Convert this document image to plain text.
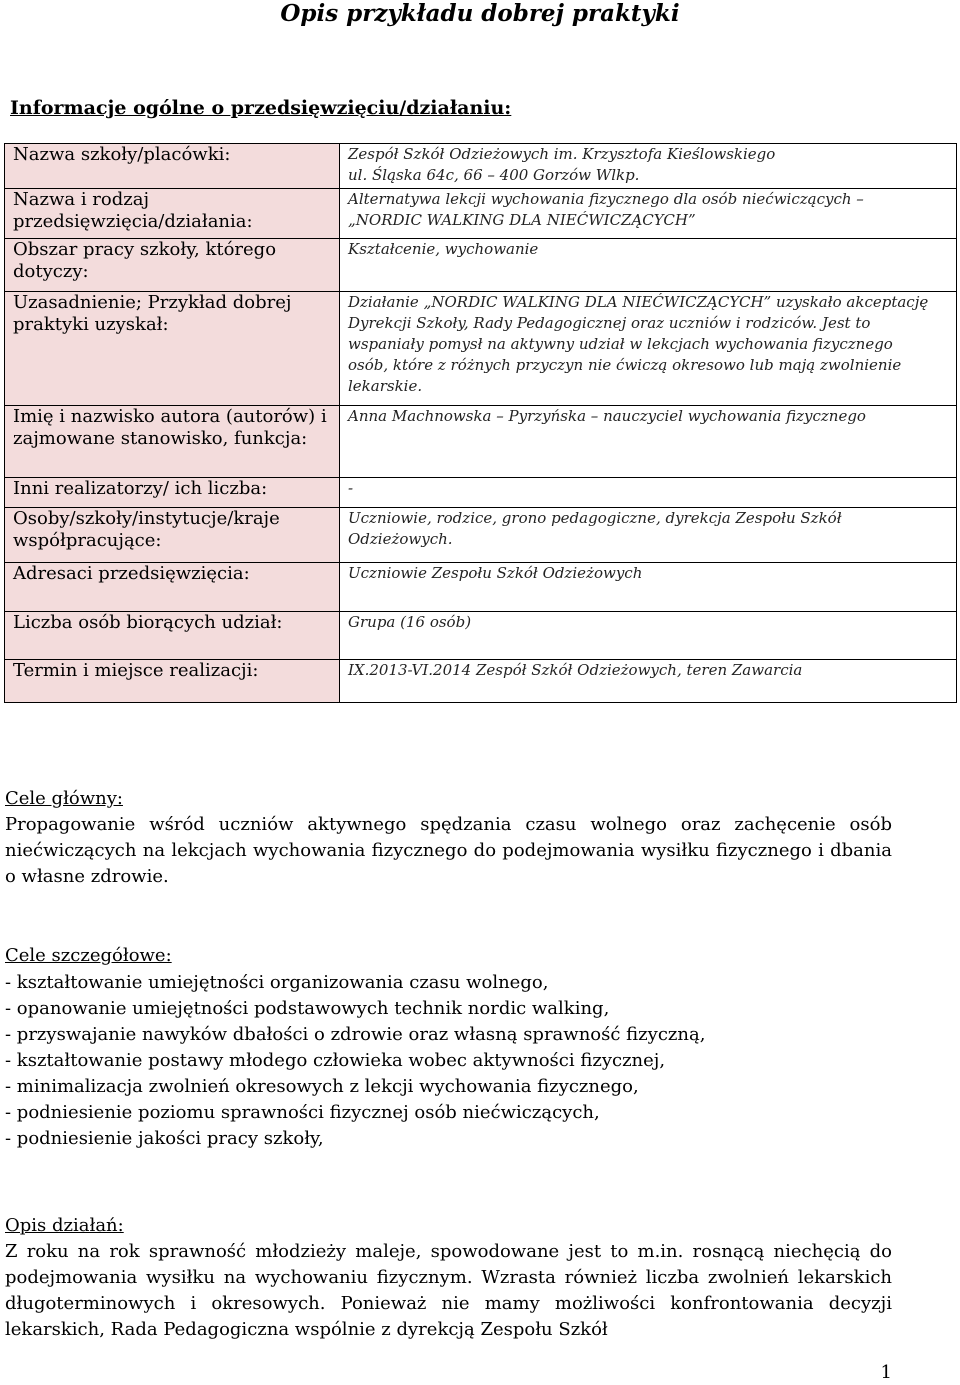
Opis przykładu dobrej praktyki
Informacje ogólne o przedsięwzięciu/działaniu:
Nazwa szkoły/placówki:	Zespół Szkół Odzieżowych im. Krzysztofa Kieślowskiego
ul. Śląska 64c, 66 – 400 Gorzów Wlkp.

Nazwa i rodzaj przedsięwzięcia/działania:	Alternatywa lekcji wychowania fizycznego dla osób niećwiczących –
„NORDIC WALKING DLA NIEĆWICZĄCYCH”

Obszar pracy szkoły, którego dotyczy:	Kształcenie, wychowanie

Uzasadnienie; Przykład dobrej praktyki uzyskał:	Działanie „NORDIC WALKING DLA NIEĆWICZĄCYCH” uzyskało akceptację
Dyrekcji Szkoły, Rady Pedagogicznej oraz uczniów i rodziców. Jest to
wspaniały pomysł na aktywny udział w lekcjach wychowania fizycznego
osób, które z różnych przyczyn nie ćwiczą okresowo lub mają zwolnienie
lekarskie.

Imię i nazwisko autora (autorów) i zajmowane stanowisko, funkcja:	Anna Machnowska – Pyrzyńska – nauczyciel wychowania fizycznego

Inni realizatorzy/ ich liczba:	-

Osoby/szkoły/instytucje/kraje współpracujące:	Uczniowie, rodzice, grono pedagogiczne, dyrekcja Zespołu Szkół
Odzieżowych.

Adresaci przedsięwzięcia:	Uczniowie Zespołu Szkół Odzieżowych

Liczba osób biorących udział:	Grupa (16 osób)

Termin i miejsce realizacji:	IX.2013-VI.2014 Zespół Szkół Odzieżowych, teren Zawarcia
Cele główny:
Propagowanie wśród uczniów aktywnego spędzania czasu wolnego oraz zachęcenie osób niećwiczących na lekcjach wychowania fizycznego do podejmowania wysiłku fizycznego i dbania o własne zdrowie.
Cele szczegółowe:
- kształtowanie umiejętności organizowania czasu wolnego,
- opanowanie umiejętności podstawowych technik nordic walking,
- przyswajanie nawyków dbałości o zdrowie oraz własną sprawność fizyczną,
- kształtowanie postawy młodego człowieka wobec aktywności fizycznej,
- minimalizacja zwolnień okresowych z lekcji wychowania fizycznego,
- podniesienie poziomu sprawności fizycznej osób niećwiczących,
- podniesienie jakości pracy szkoły,
Opis działań:
Z roku na rok sprawność młodzieży maleje, spowodowane jest to m.in. rosnącą niechęcią do podejmowania wysiłku na wychowaniu fizycznym. Wzrasta również liczba zwolnień lekarskich długoterminowych i okresowych. Ponieważ nie mamy możliwości konfrontowania decyzji lekarskich, Rada Pedagogiczna wspólnie z dyrekcją Zespołu Szkół
1
